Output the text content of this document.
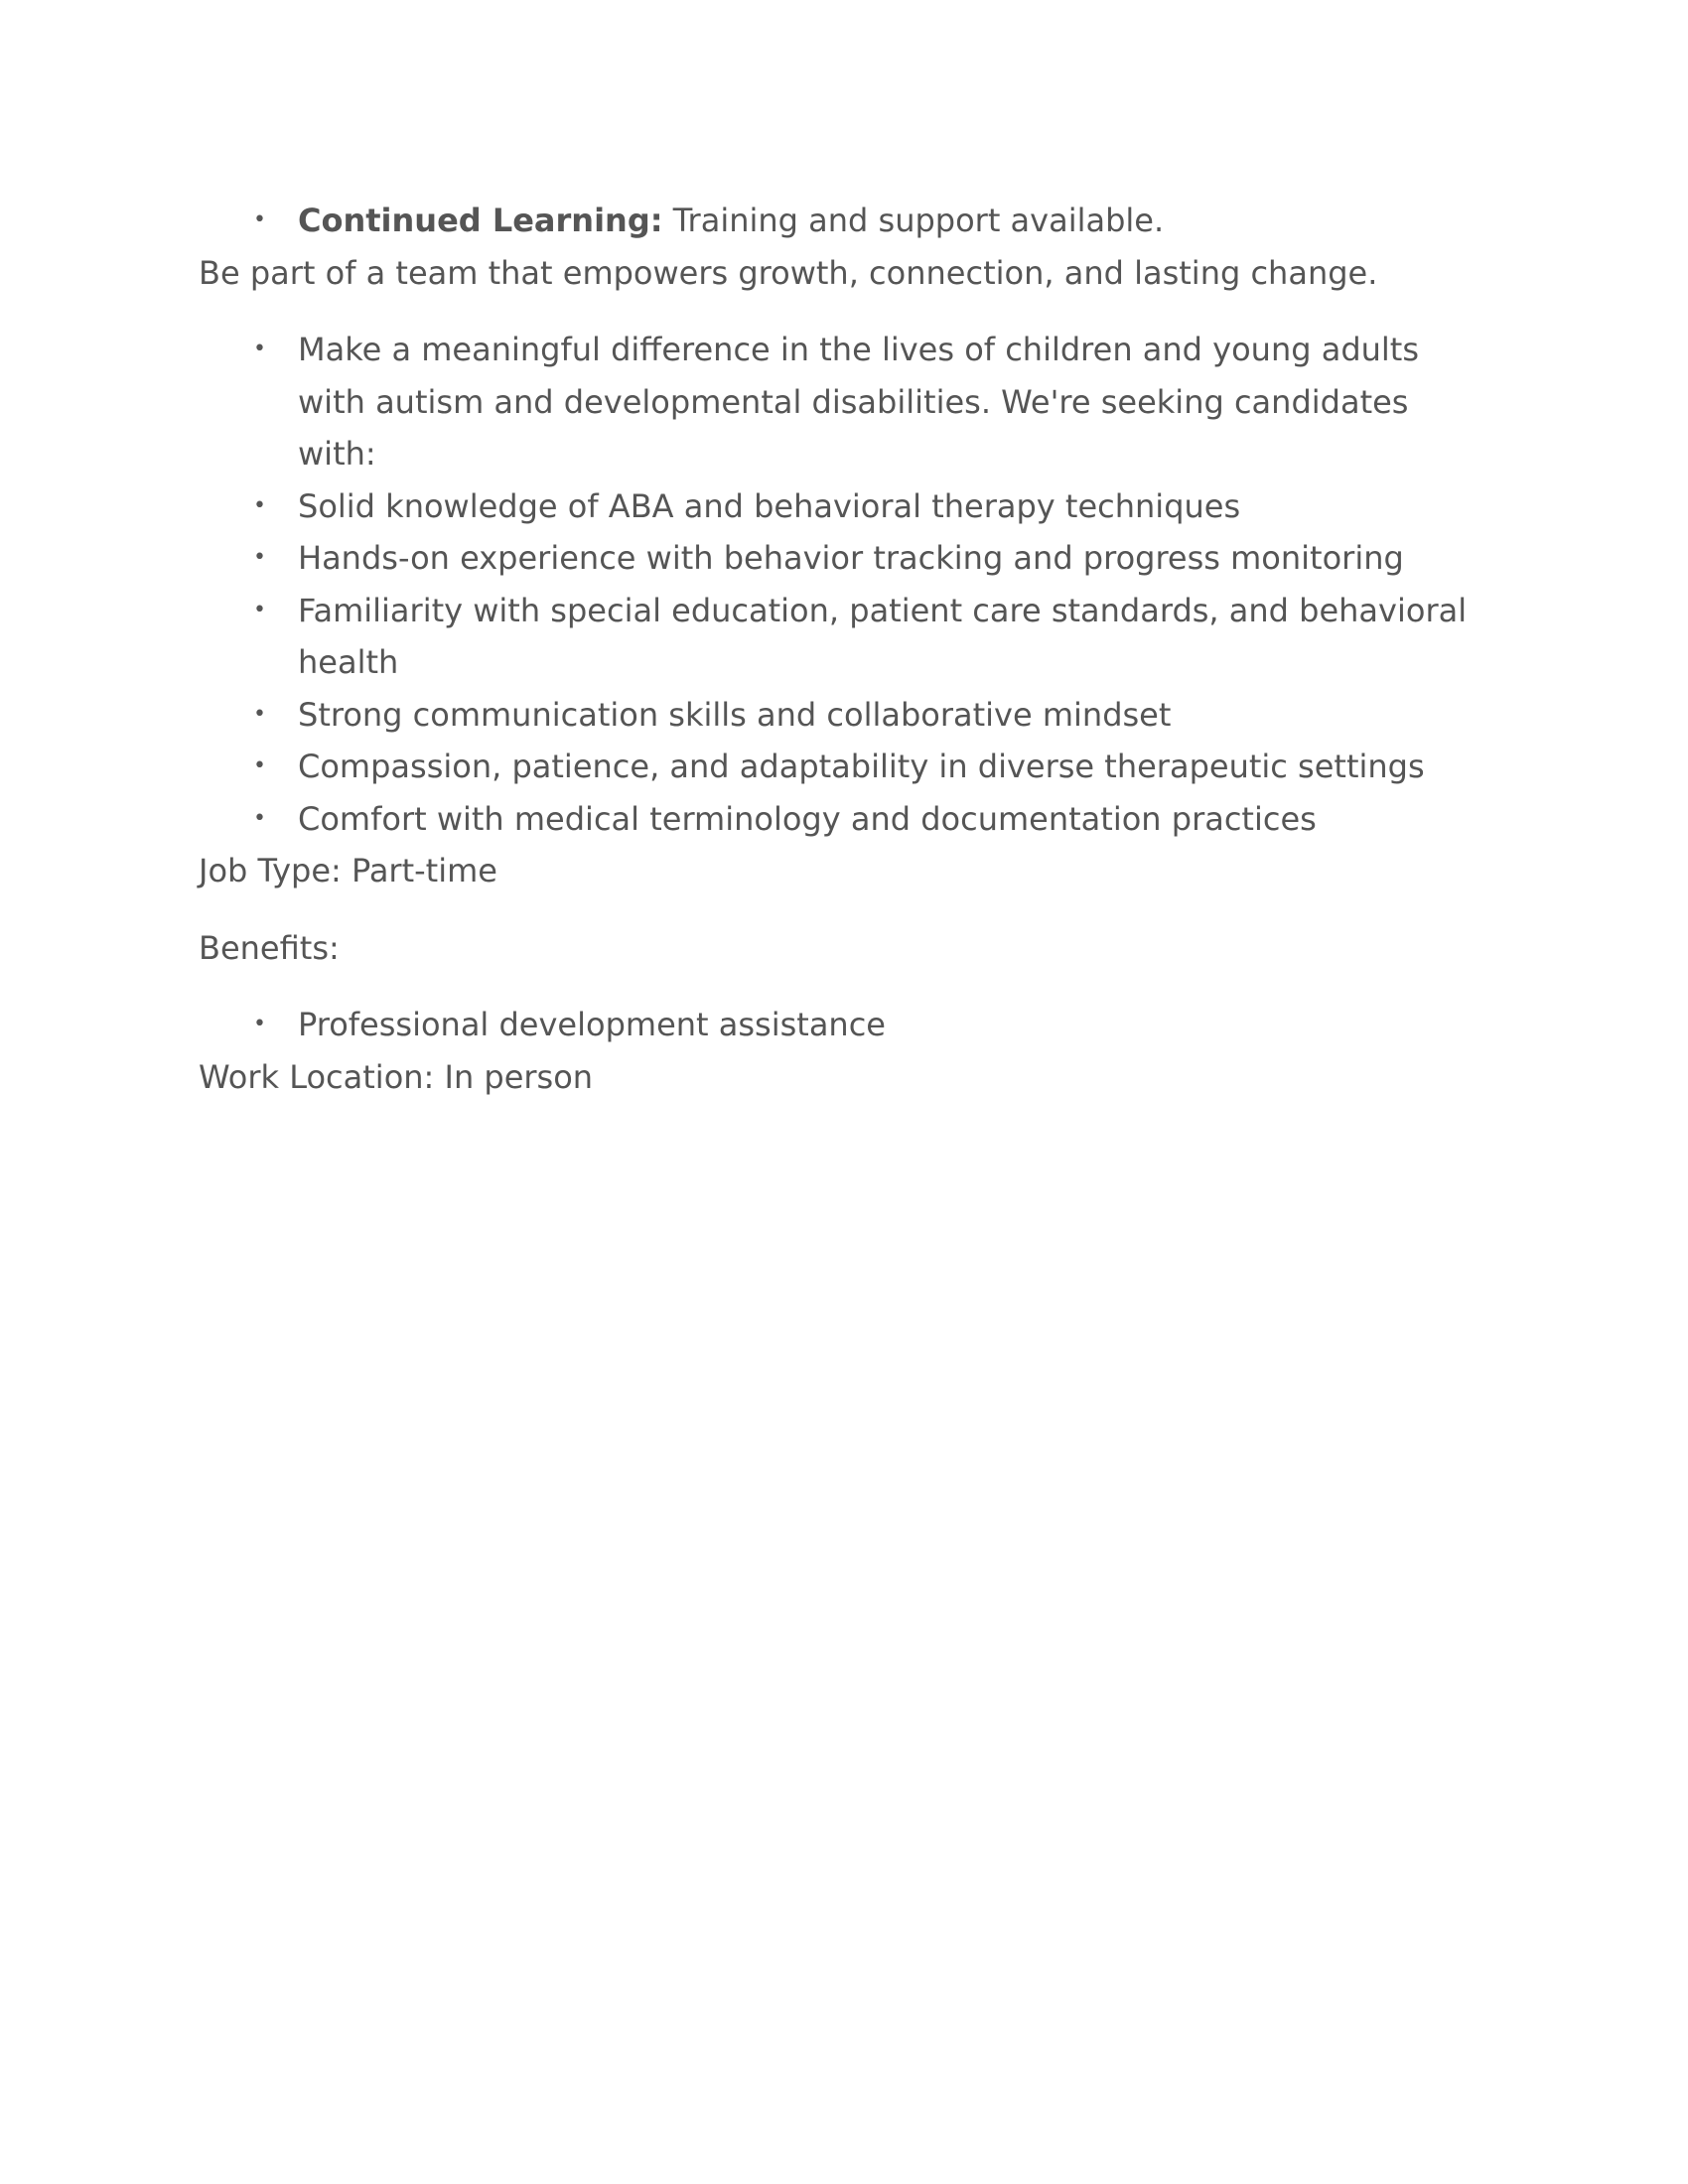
• Continued Learning: Training and support available.

Be part of a team that empowers growth, connection, and lasting change.

• Make a meaningful difference in the lives of children and young adults with autism and developmental disabilities. We're seeking candidates with:
• Solid knowledge of ABA and behavioral therapy techniques
• Hands-on experience with behavior tracking and progress monitoring
• Familiarity with special education, patient care standards, and behavioral health
• Strong communication skills and collaborative mindset
• Compassion, patience, and adaptability in diverse therapeutic settings
• Comfort with medical terminology and documentation practices

Job Type: Part-time

Benefits:

• Professional development assistance

Work Location: In person
